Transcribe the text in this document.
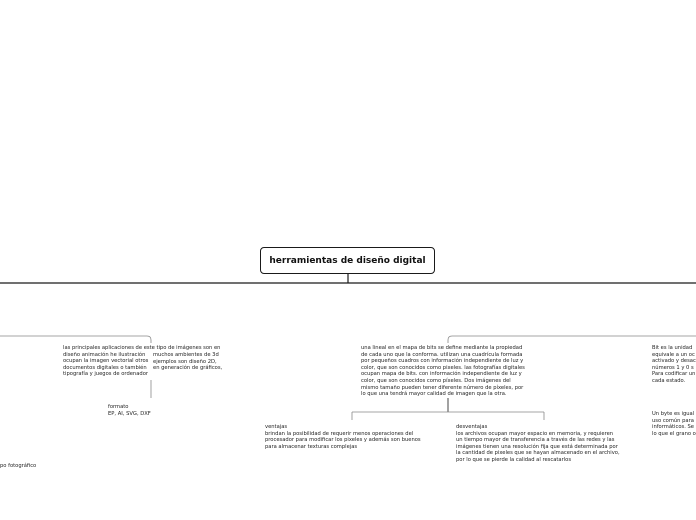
herramientas de diseño digital
las principales aplicaciones de este tipo de imágenes son en
diseño animación he ilustración
ocupan la imagen vectorial otros
documentos digitales o también
tipografía y juegos de ordenador
muchos ambientes de 3d
ejemplos son diseño 2D,
en generación de gráficos,
formato
EP, AI, SVG, DXF
po fotográfico
una lineal en el mapa de bits se define mediante la propiedad
de cada uno que la conforma. utilizan una cuadrícula formada
por pequeños cuadros con información independiente de luz y
color, que son conocidos como pixeles. las fotografías digitales
ocupan mapa de bits. con información independiente de luz y
color, que son conocidos como píxeles. Dos imágenes del
mismo tamaño pueden tener diferente número de píxeles, por
lo que una tendrá mayor calidad de imagen que la otra.
ventajas
brindan la posibilidad de requerir menos operaciones del
procesador para modificar los pixeles y además son buenos
para almacenar texturas complejas
desventajas
los archivos ocupan mayor espacio en memoria, y requieren
un tiempo mayor de transferencia a través de las redes y las
imágenes tienen una resolución fija que está determinada por
la cantidad de pixeles que se hayan almacenado en el archivo,
por lo que se pierde la calidad al rescatarlos
Bit es la unidad
equivale a un oc
activado y desac
números 1 y 0 s
Para codificar un
cada estado.
Un byte es igual
uso común para
informáticos. Se
lo que el grano o
